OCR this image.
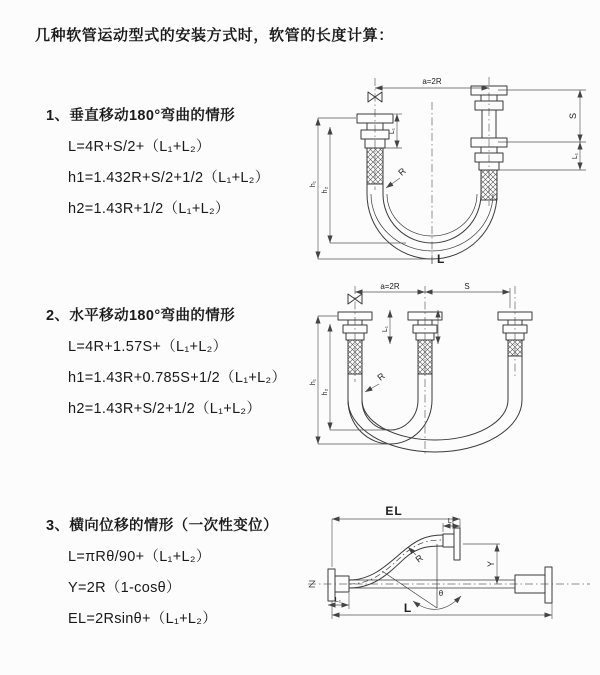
几种软管运动型式的安装方式时，软管的长度计算：
1、垂直移动180°弯曲的情形

L=4R+S/2+（L₁+L₂）

h1=1.432R+S/2+1/2（L₁+L₂）

h2=1.43R+1/2（L₁+L₂）

2、水平移动180°弯曲的情形

L=4R+1.57S+（L₁+L₂）

h1=1.43R+0.785S+1/2（L₁+L₂）

h2=1.43R+S/2+1/2（L₁+L₂）

3、横向位移的情形（一次性变位）

L=πRθ/90+（L₁+L₂）

Y=2R（1-cosθ）

EL=2Rsinθ+（L₁+L₂）

a=2R
S
L₁
L₁
h₁
h₂
R
L
a=2R	S
L₁
h₁
h₂
R
EL
L₁
Y
R
θ
L
L₁
